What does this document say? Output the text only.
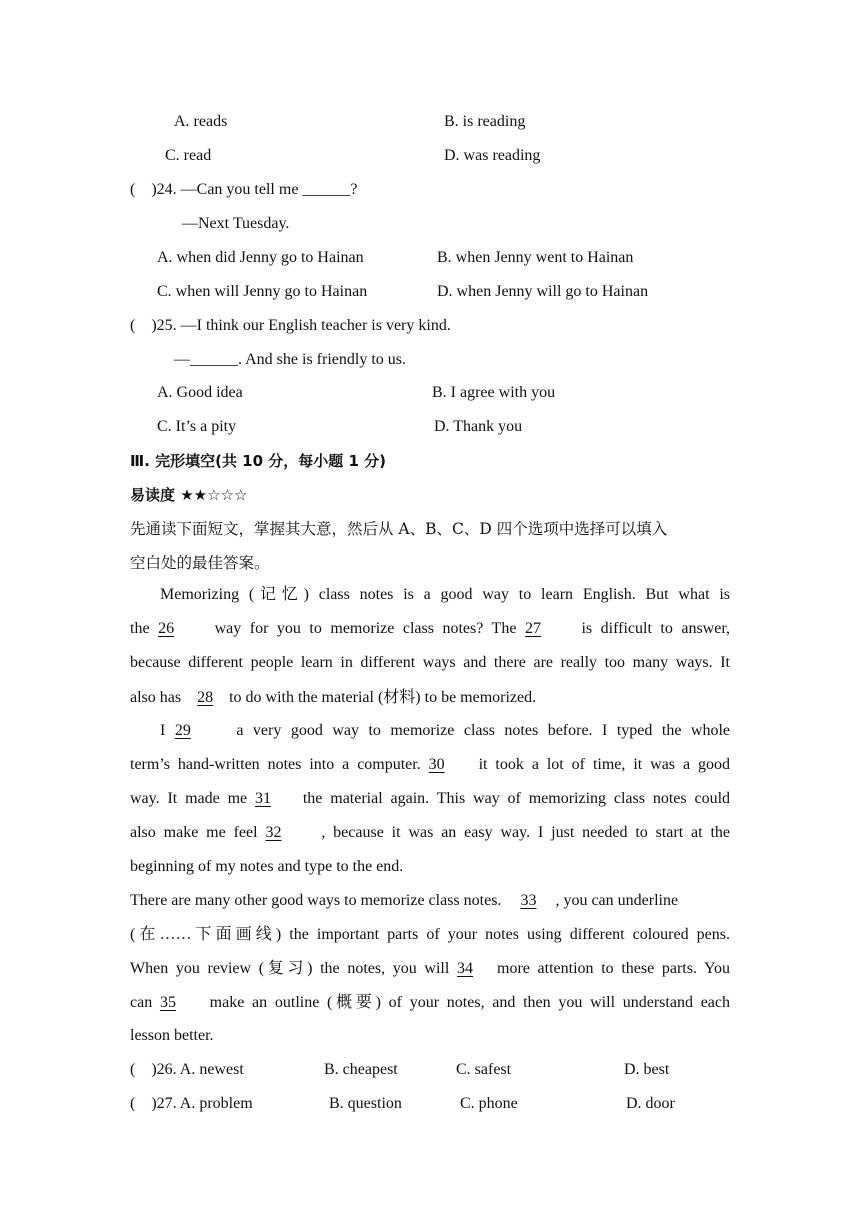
A. reads	B. is reading
C. read	D. was reading
(　)24. —Can you tell me ______?
—Next Tuesday.
A. when did Jenny go to Hainan	B. when Jenny went to Hainan
C. when will Jenny go to Hainan	D. when Jenny will go to Hainan
(　)25. —I think our English teacher is very kind.
—______. And she is friendly to us.
A. Good idea	B. I agree with you
C. It’s a pity	D. Thank you
Ⅲ. 完形填空(共 10 分，每小题 1 分)
易读度 ★★☆☆☆
先通读下面短文，掌握其大意，然后从 A、B、C、D 四个选项中选择可以填入
空白处的最佳答案。
Memorizing (记忆) class notes is a good way to learn English. But what is
the 26	way for you to memorize class notes? The 27	is difficult to answer,
because different people learn in different ways and there are really too many ways. It
also has 28 to do with the material (材料) to be memorized.
I 29	a very good way to memorize class notes before. I typed the whole
term’s hand-written notes into a computer. 30 it took a lot of time, it was a good
way. It made me 31 the material again. This way of memorizing class notes could
also make me feel 32 , because it was an easy way. I just needed to start at the
beginning of my notes and type to the end.
There are many other good ways to memorize class notes. 33 , you can underline
(在……下面画线) the important parts of your notes using different coloured pens.
When you review (复习) the notes, you will 34 more attention to these parts. You
can 35 make an outline (概要) of your notes, and then you will understand each
lesson better.
(　)26. A. newest	B. cheapest	C. safest	D. best
(　)27. A. problem	B. question	C. phone	D. door
